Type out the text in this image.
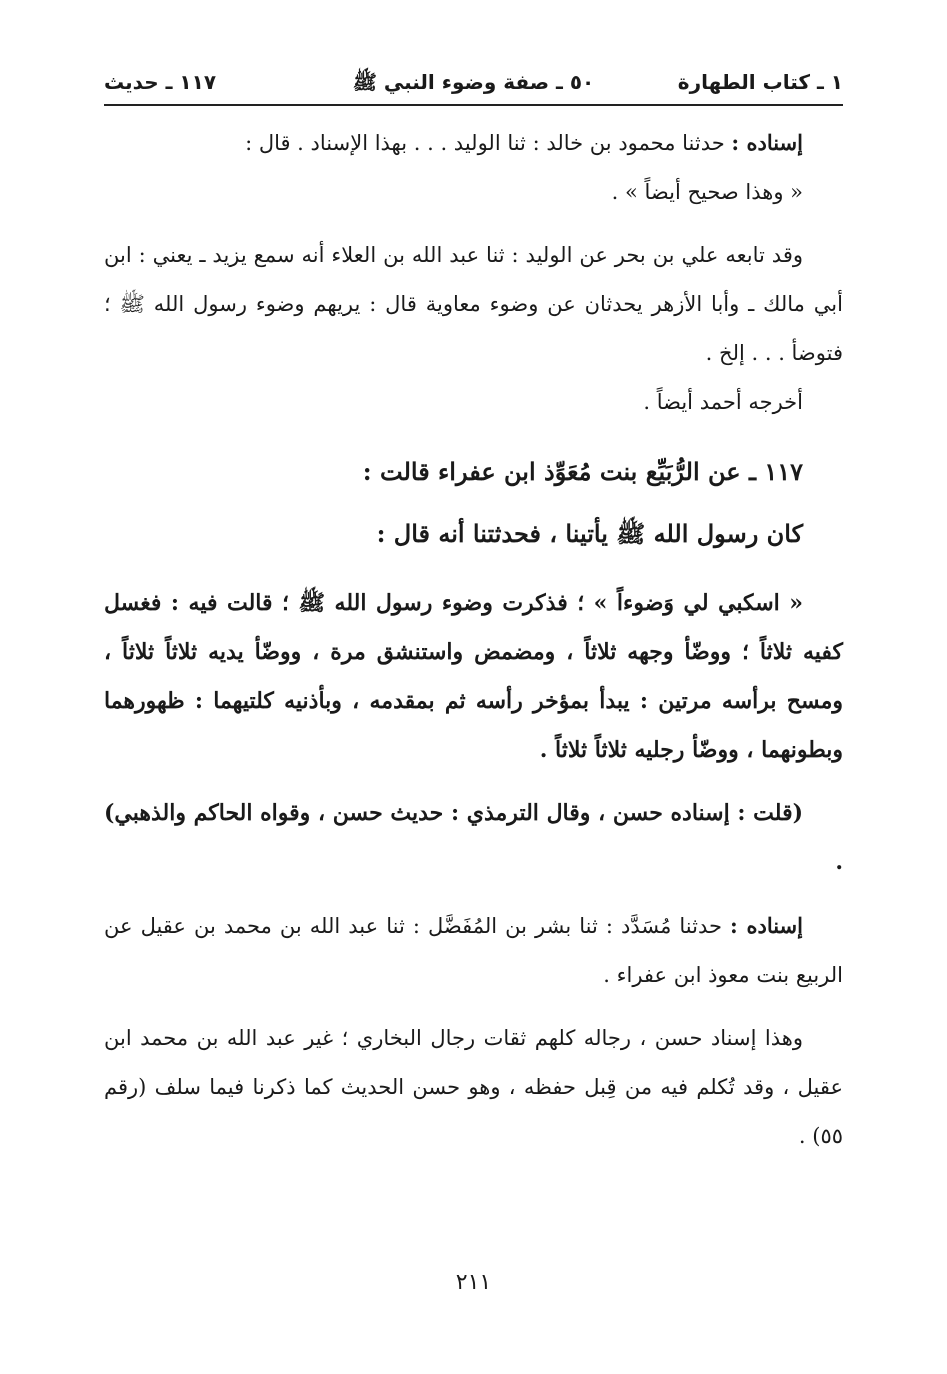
١ ـ كتاب الطهارة
٥٠ ـ صفة وضوء النبي ﷺ
١١٧ ـ حديث

إسناده : حدثنا محمود بن خالد : ثنا الوليد . . . بهذا الإسناد . قال :

« وهذا صحيح أيضاً » .

وقد تابعه علي بن بحر عن الوليد : ثنا عبد الله بن العلاء أنه سمع يزيد ـ يعني : ابن أبي مالك ـ وأبا الأزهر يحدثان عن وضوء معاوية قال : يريهم وضوء رسول الله ﷺ ؛ فتوضأ . . . إلخ .

أخرجه أحمد أيضاً .

١١٧ ـ عن الرُّبَيِّع بنت مُعَوِّذ ابن عفراء قالت :

كان رسول الله ﷺ يأتينا ، فحدثتنا أنه قال :

« اسكبي لي وَضوءاً » ؛ فذكرت وضوء رسول الله ﷺ ؛ قالت فيه : فغسل كفيه ثلاثاً ؛ ووضّأ وجهه ثلاثاً ، ومضمض واستنشق مرة ، ووضّأ يديه ثلاثاً ثلاثاً ، ومسح برأسه مرتين : يبدأ بمؤخر رأسه ثم بمقدمه ، وبأذنيه كلتيهما : ظهورهما وبطونهما ، ووضّأ رجليه ثلاثاً ثلاثاً .

(قلت : إسناده حسن ، وقال الترمذي : حديث حسن ، وقواه الحاكم والذهبي) .

إسناده : حدثنا مُسَدَّد : ثنا بشر بن المُفَضَّل : ثنا عبد الله بن محمد بن عقيل عن الربيع بنت معوذ ابن عفراء .

وهذا إسناد حسن ، رجاله كلهم ثقات رجال البخاري ؛ غير عبد الله بن محمد ابن عقيل ، وقد تُكلم فيه من قِبل حفظه ، وهو حسن الحديث كما ذكرنا فيما سلف (رقم ٥٥) .

٢١١
